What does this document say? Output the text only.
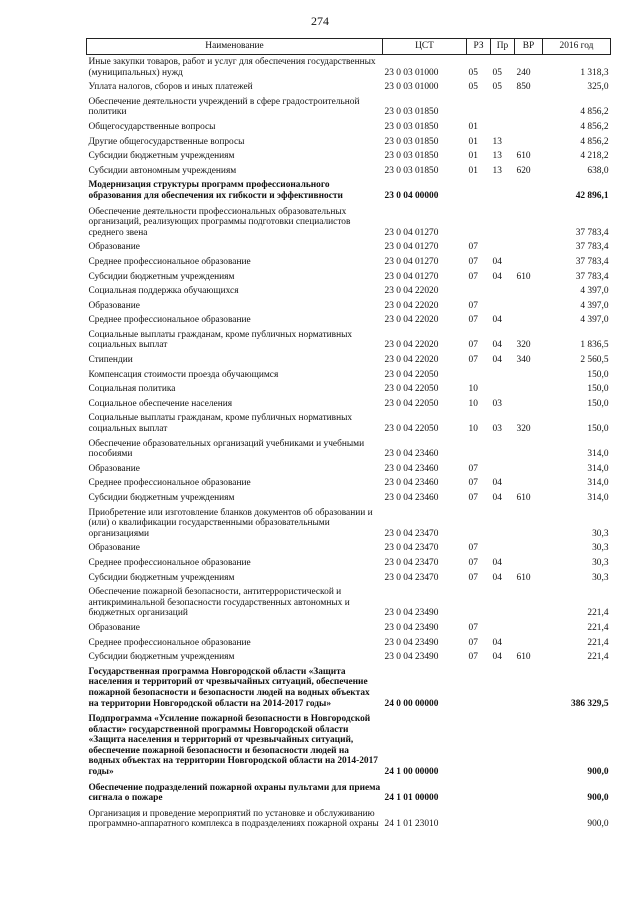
274
Наименование	ЦСТ	РЗ	Пр	ВР	2016 год
Иные закупки товаров, работ и услуг для обеспечения государственных (муниципальных) нужд	23 0 03 01000	05	05	240	1 318,3
Уплата налогов, сборов и иных платежей	23 0 03 01000	05	05	850	325,0
Обеспечение деятельности учреждений в сфере градостроительной политики	23 0 03 01850				4 856,2
Общегосударственные вопросы	23 0 03 01850	01			4 856,2
Другие общегосударственные вопросы	23 0 03 01850	01	13		4 856,2
Субсидии бюджетным учреждениям	23 0 03 01850	01	13	610	4 218,2
Субсидии автономным учреждениям	23 0 03 01850	01	13	620	638,0
Модернизация структуры программ профессионального образования для обеспечения их гибкости и эффективности	23 0 04 00000				42 896,1
Обеспечение деятельности профессиональных образовательных организаций, реализующих программы подготовки специалистов среднего звена	23 0 04 01270				37 783,4
Образование	23 0 04 01270	07			37 783,4
Среднее профессиональное образование	23 0 04 01270	07	04		37 783,4
Субсидии бюджетным учреждениям	23 0 04 01270	07	04	610	37 783,4
Социальная поддержка обучающихся	23 0 04 22020				4 397,0
Образование	23 0 04 22020	07			4 397,0
Среднее профессиональное образование	23 0 04 22020	07	04		4 397,0
Социальные выплаты гражданам, кроме публичных нормативных социальных выплат	23 0 04 22020	07	04	320	1 836,5
Стипендии	23 0 04 22020	07	04	340	2 560,5
Компенсация стоимости проезда обучающимся	23 0 04 22050				150,0
Социальная политика	23 0 04 22050	10			150,0
Социальное обеспечение населения	23 0 04 22050	10	03		150,0
Социальные выплаты гражданам, кроме публичных нормативных социальных выплат	23 0 04 22050	10	03	320	150,0
Обеспечение образовательных организаций учебниками и учебными пособиями	23 0 04 23460				314,0
Образование	23 0 04 23460	07			314,0
Среднее профессиональное образование	23 0 04 23460	07	04		314,0
Субсидии бюджетным учреждениям	23 0 04 23460	07	04	610	314,0
Приобретение или изготовление бланков документов об образовании и (или) о квалификации государственными образовательными организациями	23 0 04 23470				30,3
Образование	23 0 04 23470	07			30,3
Среднее профессиональное образование	23 0 04 23470	07	04		30,3
Субсидии бюджетным учреждениям	23 0 04 23470	07	04	610	30,3
Обеспечение пожарной безопасности, антитеррористической и антикриминальной безопасности государственных автономных и бюджетных организаций	23 0 04 23490				221,4
Образование	23 0 04 23490	07			221,4
Среднее профессиональное образование	23 0 04 23490	07	04		221,4
Субсидии бюджетным учреждениям	23 0 04 23490	07	04	610	221,4
Государственная программа Новгородской области «Защита населения и территорий от чрезвычайных ситуаций, обеспечение пожарной безопасности и безопасности людей на водных объектах на территории Новгородской области на 2014-2017 годы»	24 0 00 00000				386 329,5
Подпрограмма «Усиление пожарной безопасности в Новгородской области» государственной программы Новгородской области «Защита населения и территорий от чрезвычайных ситуаций, обеспечение пожарной безопасности и безопасности людей на водных объектах на территории Новгородской области на 2014-2017 годы»	24 1 00 00000				900,0
Обеспечение подразделений пожарной охраны пультами для приема сигнала о пожаре	24 1 01 00000				900,0
Организация и проведение мероприятий по установке и обслуживанию программно-аппаратного комплекса в подразделениях пожарной охраны	24 1 01 23010				900,0
